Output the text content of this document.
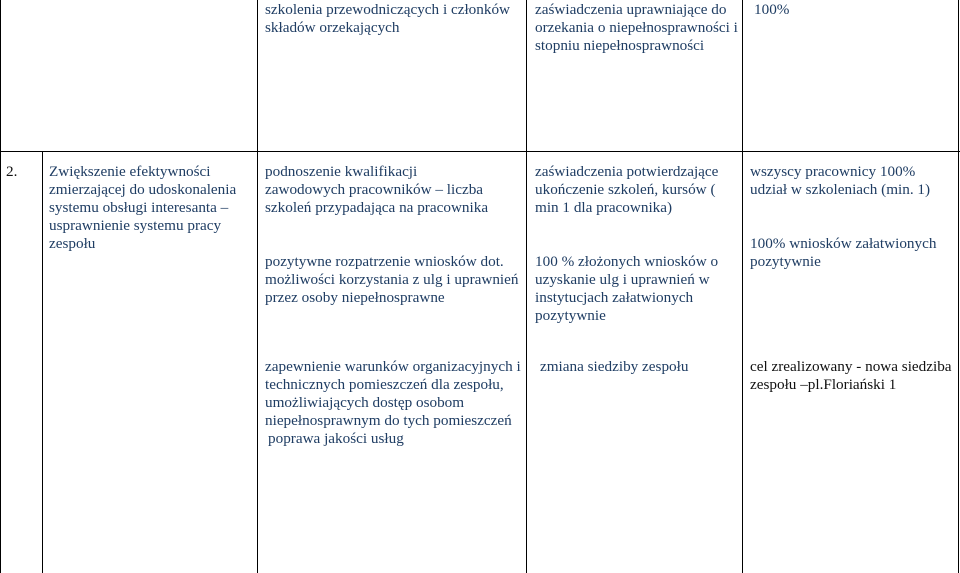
szkolenia przewodniczących i członków składów orzekających

zaświadczenia uprawniające do orzekania o niepełnosprawności i stopniu niepełnosprawności

100%

2.	Zwiększenie efektywności zmierzającej do udoskonalenia systemu obsługi interesanta – usprawnienie systemu pracy zespołu

podnoszenie kwalifikacji zawodowych pracowników – liczba szkoleń przypadająca na pracownika

pozytywne rozpatrzenie wniosków dot. możliwości korzystania z ulg i uprawnień przez osoby niepełnosprawne

zaświadczenia potwierdzające ukończenie szkoleń, kursów ( min 1 dla pracownika)

100 % złożonych wniosków o uzyskanie ulg i uprawnień w instytucjach załatwionych pozytywnie

wszyscy pracownicy 100% udział w szkoleniach (min. 1)

100% wniosków załatwionych pozytywnie

zapewnienie warunków organizacyjnych i technicznych pomieszczeń dla zespołu, umożliwiających dostęp osobom niepełnosprawnym do tych pomieszczeń

poprawa jakości usług

zmiana siedziby zespołu	cel zrealizowany - nowa siedziba zespołu –pl.Floriański 1
